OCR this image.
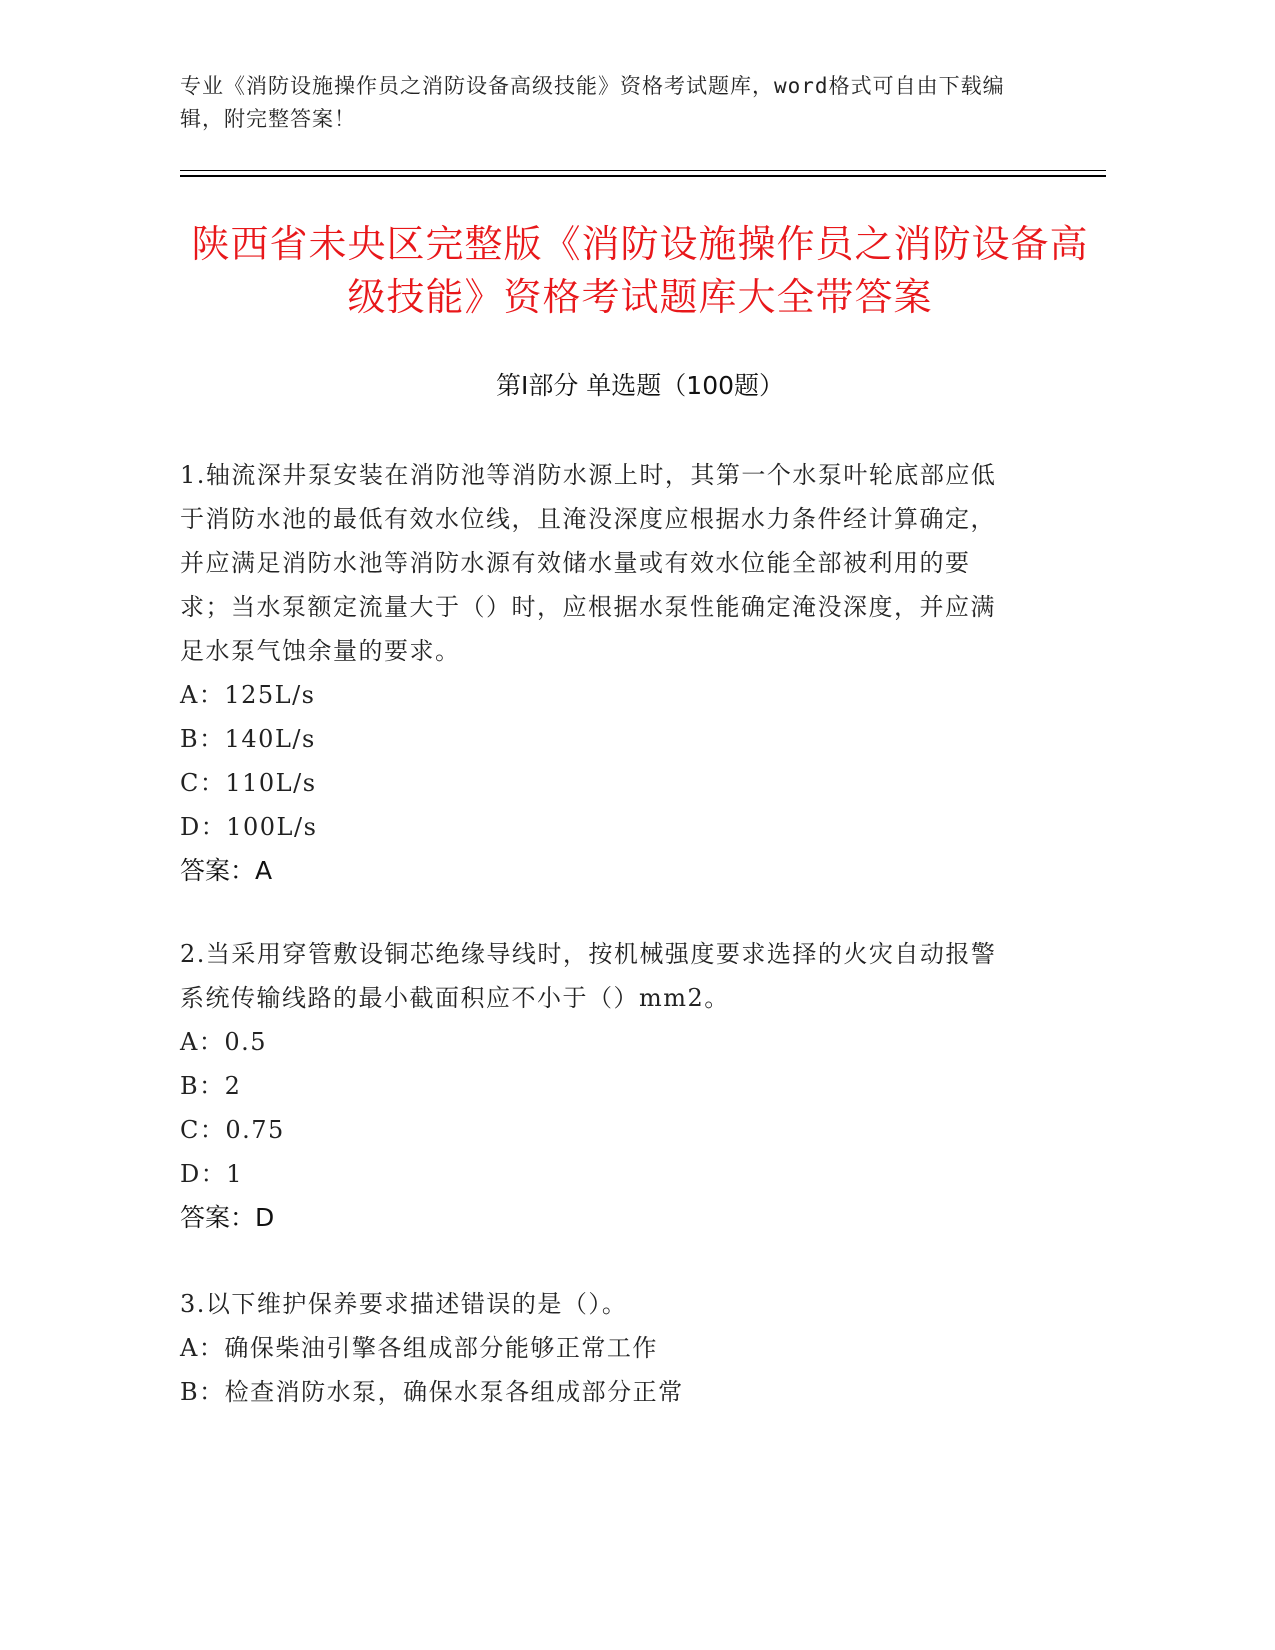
专业《消防设施操作员之消防设备高级技能》资格考试题库，word格式可自由下载编辑，附完整答案！
陕西省未央区完整版《消防设施操作员之消防设备高级技能》资格考试题库大全带答案
第Ⅰ部分 单选题（100题）
1.轴流深井泵安装在消防池等消防水源上时，其第一个水泵叶轮底部应低于消防水池的最低有效水位线，且淹没深度应根据水力条件经计算确定，并应满足消防水池等消防水源有效储水量或有效水位能全部被利用的要求；当水泵额定流量大于（）时，应根据水泵性能确定淹没深度，并应满足水泵气蚀余量的要求。
A：125L/s
B：140L/s
C：110L/s
D：100L/s
答案：A
2.当采用穿管敷设铜芯绝缘导线时，按机械强度要求选择的火灾自动报警系统传输线路的最小截面积应不小于（）mm2。
A：0.5
B：2
C：0.75
D：1
答案：D
3.以下维护保养要求描述错误的是（）。
A：确保柴油引擎各组成部分能够正常工作
B：检查消防水泵，确保水泵各组成部分正常
